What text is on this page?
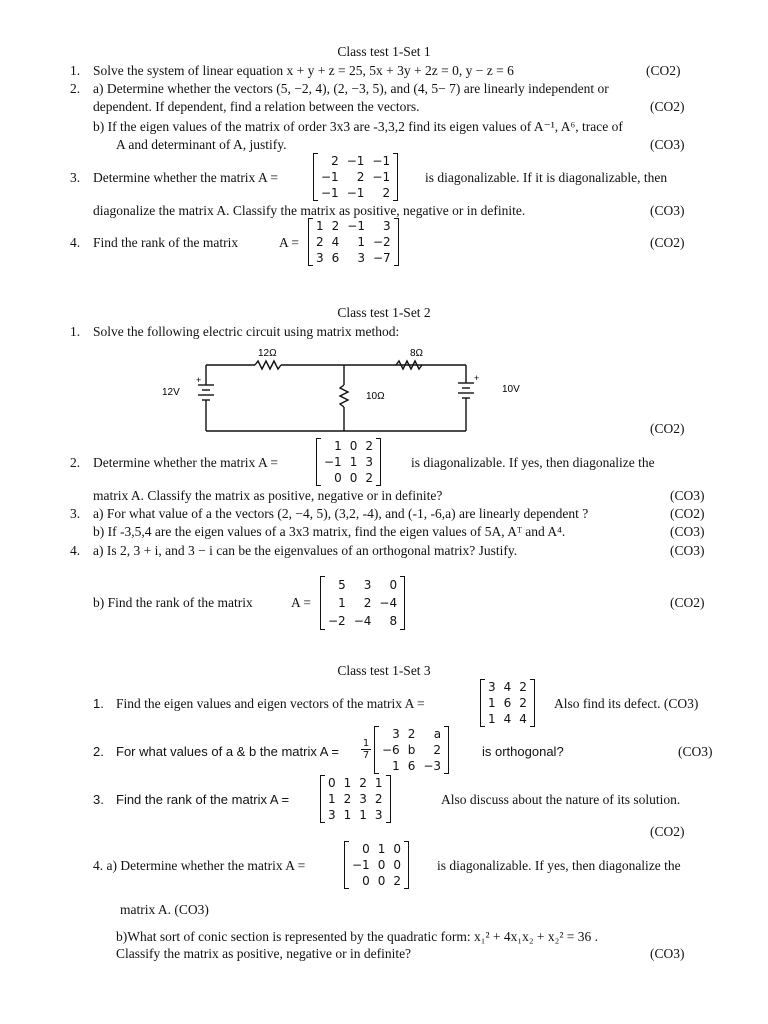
Class test 1-Set 1
1. Solve the system of linear equation x + y + z = 25, 5x + 3y + 2z = 0, y − z = 6	(CO2)
2. a) Determine whether the vectors (5, −2, 4), (2, −3, 5), and (4, 5− 7) are linearly independent or
dependent. If dependent, find a relation between the vectors.	(CO2)
b) If the eigen values of the matrix of order 3x3 are -3,3,2 find its eigen values of A⁻¹, A⁶, trace of
A and determinant of A, justify.	(CO3)
3. Determine whether the matrix A =
2	−1	−1
−1	2	−1
−1	−1	2
is diagonalizable. If it is diagonalizable, then
diagonalize the matrix A. Classify the matrix as positive, negative or in definite.	(CO3)
4. Find the rank of the matrix	A =
1	2	−1	3
2	4	1	−2
3	6	3	−7
(CO2)
Class test 1-Set 2
1. Solve the following electric circuit using matrix method:
12Ω	8Ω
10Ω
12V	10V
+	+
(CO2)
2. Determine whether the matrix A =
1	0	2
−1	1	3
0	0	2
is diagonalizable. If yes, then diagonalize the
matrix A. Classify the matrix as positive, negative or in definite?	(CO3)
3. a) For what value of a the vectors (2, −4, 5), (3,2, -4), and (-1, -6,a) are linearly dependent ?	(CO2)
b) If -3,5,4 are the eigen values of a 3x3 matrix, find the eigen values of 5A, Aᵀ and A⁴.	(CO3)
4. a) Is 2, 3 + i, and 3 − i can be the eigenvalues of an orthogonal matrix? Justify.	(CO3)
b) Find the rank of the matrix	A =
5	3	0
1	2	−4
−2	−4	8
(CO2)
Class test 1-Set 3
1. Find the eigen values and eigen vectors of the matrix A =
3	4	2
1	6	2
1	4	4
Also find its defect. (CO3)
2. For what values of a & b the matrix $A = \frac{1}{7}$
3	2	a
−6	b	2
1	6	−3
is orthogonal?	(CO3)
3. Find the rank of the matrix A =
0	1	2	1
1	2	3	2
3	1	1	3
Also discuss about the nature of its solution.
(CO2)
4. a) Determine whether the matrix A =
0	1	0
−1	0	0
0	0	2
is diagonalizable. If yes, then diagonalize the
matrix A. (CO3)
b)What sort of conic section is represented by the quadratic form: x₁² + 4x₁x₂ + x₂² = 36 .
Classify the matrix as positive, negative or in definite?	(CO3)
